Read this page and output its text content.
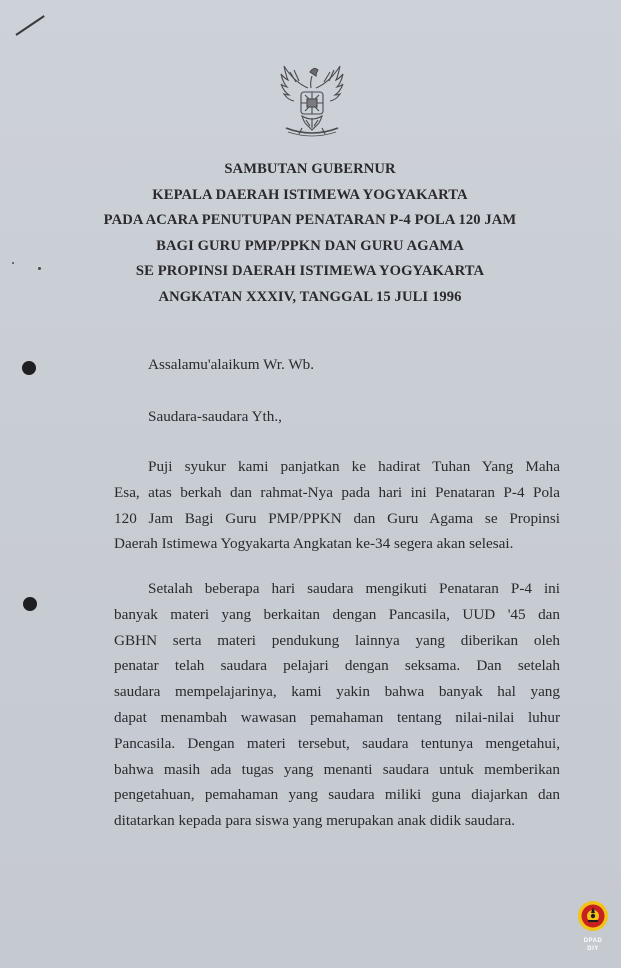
SAMBUTAN GUBERNUR
KEPALA DAERAH ISTIMEWA YOGYAKARTA
PADA ACARA PENUTUPAN PENATARAN P-4 POLA 120 JAM
BAGI GURU PMP/PPKN DAN GURU AGAMA
SE PROPINSI DAERAH ISTIMEWA YOGYAKARTA
ANGKATAN XXXIV, TANGGAL 15 JULI 1996
Assalamu'alaikum Wr. Wb.
Saudara-saudara Yth.,
Puji syukur kami panjatkan ke hadirat Tuhan Yang Maha
Esa, atas berkah dan rahmat-Nya pada hari ini Penataran P-4 Pola
120 Jam Bagi Guru PMP/PPKN dan Guru Agama se Propinsi
Daerah Istimewa Yogyakarta Angkatan ke-34 segera akan selesai.
Setalah beberapa hari saudara mengikuti Penataran P-4 ini
banyak materi yang berkaitan dengan Pancasila, UUD '45 dan
GBHN serta materi pendukung lainnya yang diberikan oleh
penatar telah saudara pelajari dengan seksama. Dan setelah
saudara mempelajarinya, kami yakin bahwa banyak hal yang
dapat menambah wawasan pemahaman tentang nilai-nilai luhur
Pancasila. Dengan materi tersebut, saudara tentunya mengetahui,
bahwa masih ada tugas yang menanti saudara untuk memberikan
pengetahuan, pemahaman yang saudara miliki guna diajarkan dan
ditatarkan kepada para siswa yang merupakan anak didik saudara.
DPAD
DIY
